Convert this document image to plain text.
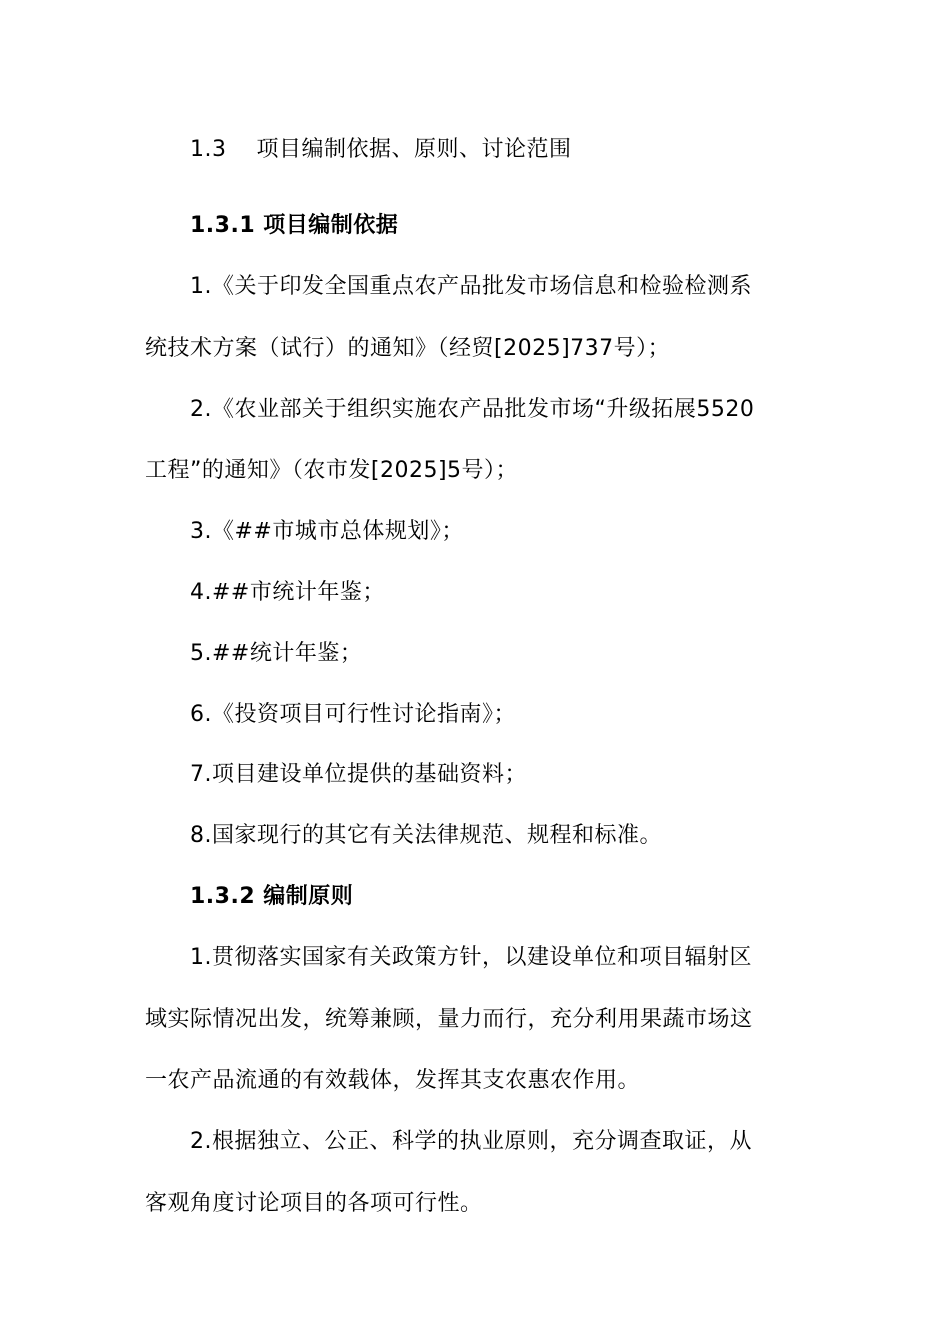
1.3　 项目编制依据、原则、讨论范围
1.3.1 项目编制依据
1.《关于印发全国重点农产品批发市场信息和检验检测系
统技术方案（试行）的通知》（经贸[2025]737号）；
2.《农业部关于组织实施农产品批发市场“升级拓展5520
工程”的通知》（农市发[2025]5号）；
3.《##市城市总体规划》；
4.##市统计年鉴；
5.##统计年鉴；
6.《投资项目可行性讨论指南》；
7.项目建设单位提供的基础资料；
8.国家现行的其它有关法律规范、规程和标准。
1.3.2 编制原则
1.贯彻落实国家有关政策方针，以建设单位和项目辐射区
域实际情况出发，统筹兼顾，量力而行，充分利用果蔬市场这
一农产品流通的有效载体，发挥其支农惠农作用。
2.根据独立、公正、科学的执业原则，充分调查取证，从
客观角度讨论项目的各项可行性。
